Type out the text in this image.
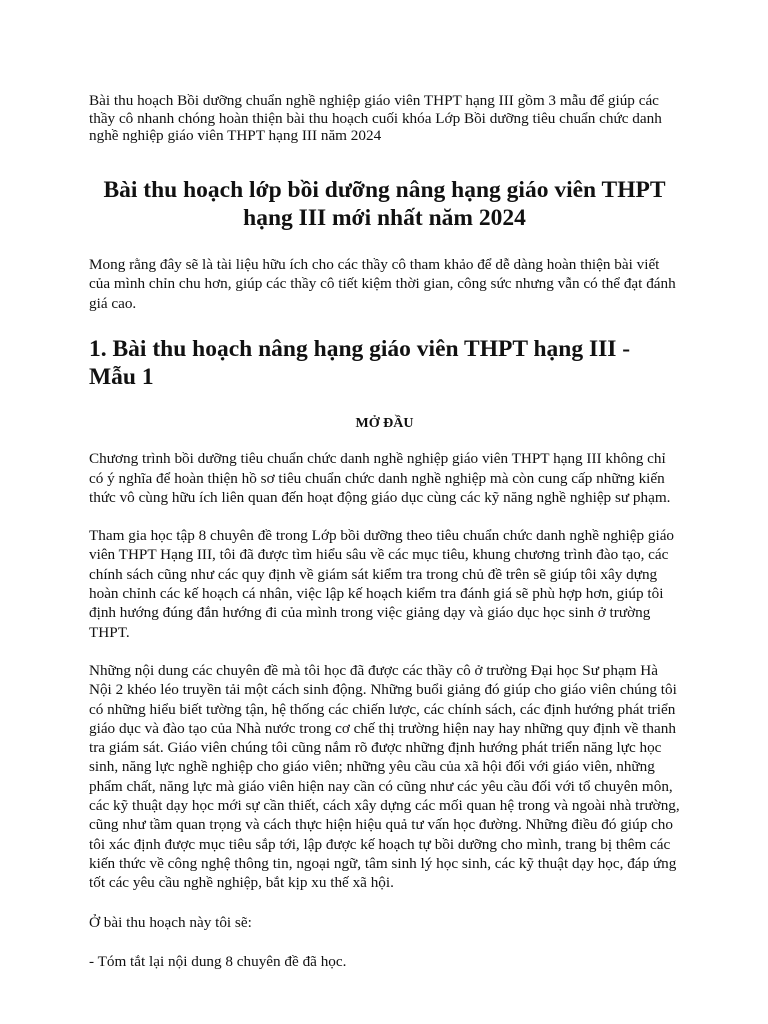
Bài thu hoạch Bồi dưỡng chuẩn nghề nghiệp giáo viên THPT hạng III gồm 3 mẫu để giúp các thầy cô nhanh chóng hoàn thiện bài thu hoạch cuối khóa Lớp Bồi dưỡng tiêu chuẩn chức danh nghề nghiệp giáo viên THPT hạng III năm 2024

Bài thu hoạch lớp bồi dưỡng nâng hạng giáo viên THPT hạng III mới nhất năm 2024

Mong rằng đây sẽ là tài liệu hữu ích cho các thầy cô tham khảo để dễ dàng hoàn thiện bài viết của mình chỉn chu hơn, giúp các thầy cô tiết kiệm thời gian, công sức nhưng vẫn có thể đạt đánh giá cao.

1. Bài thu hoạch nâng hạng giáo viên THPT hạng III - Mẫu 1
MỞ ĐẦU

Chương trình bồi dưỡng tiêu chuẩn chức danh nghề nghiệp giáo viên THPT hạng III không chỉ có ý nghĩa để hoàn thiện hồ sơ tiêu chuẩn chức danh nghề nghiệp mà còn cung cấp những kiến thức vô cùng hữu ích liên quan đến hoạt động giáo dục cùng các kỹ năng nghề nghiệp sư phạm.

Tham gia học tập 8 chuyên đề trong Lớp bồi dưỡng theo tiêu chuẩn chức danh nghề nghiệp giáo viên THPT Hạng III, tôi đã được tìm hiểu sâu về các mục tiêu, khung chương trình đào tạo, các chính sách cũng như các quy định về giám sát kiểm tra trong chủ đề trên sẽ giúp tôi xây dựng hoàn chỉnh các kế hoạch cá nhân, việc lập kế hoạch kiểm tra đánh giá sẽ phù hợp hơn, giúp tôi định hướng đúng đắn hướng đi của mình trong việc giảng dạy và giáo dục học sinh ở trường THPT.

Những nội dung các chuyên đề mà tôi học đã được các thầy cô ở trường Đại học Sư phạm Hà Nội 2 khéo léo truyền tải một cách sinh động. Những buổi giảng đó giúp cho giáo viên chúng tôi có những hiểu biết tường tận, hệ thống các chiến lược, các chính sách, các định hướng phát triển giáo dục và đào tạo của Nhà nước trong cơ chế thị trường hiện nay hay những quy định về thanh tra giám sát. Giáo viên chúng tôi cũng nắm rõ được những định hướng phát triển năng lực học sinh, năng lực nghề nghiệp cho giáo viên; những yêu cầu của xã hội đối với giáo viên, những phẩm chất, năng lực mà giáo viên hiện nay cần có cũng như các yêu cầu đối với tổ chuyên môn, các kỹ thuật dạy học mới sự cần thiết, cách xây dựng các mối quan hệ trong và ngoài nhà trường, cũng như tầm quan trọng và cách thực hiện hiệu quả tư vấn học đường. Những điều đó giúp cho tôi xác định được mục tiêu sắp tới, lập được kế hoạch tự bồi dưỡng cho mình, trang bị thêm các kiến thức về công nghệ thông tin, ngoại ngữ, tâm sinh lý học sinh, các kỹ thuật dạy học, đáp ứng tốt các yêu cầu nghề nghiệp, bắt kịp xu thế xã hội.

Ở bài thu hoạch này tôi sẽ:

- Tóm tắt lại nội dung 8 chuyên đề đã học.
